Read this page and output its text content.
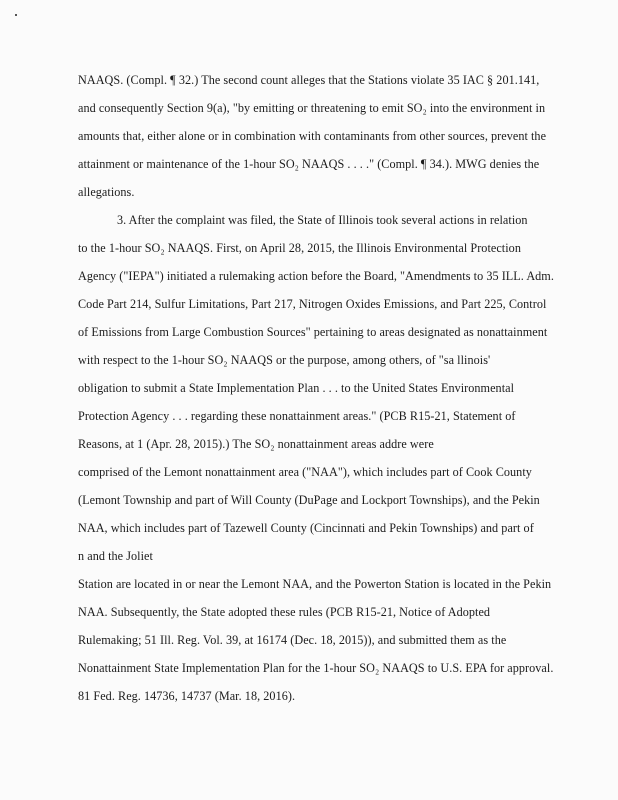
NAAQS. (Compl. ¶ 32.) The second count alleges that the Stations violate 35 IAC § 201.141,
and consequently Section 9(a), "by emitting or threatening to emit SO₂ into the environment in
amounts that, either alone or in combination with contaminants from other sources, prevent the
attainment or maintenance of the 1-hour SO₂ NAAQS . . . ." (Compl. ¶ 34.). MWG denies the
allegations.
3. After the complaint was filed, the State of Illinois took several actions in relation
to the 1-hour SO₂ NAAQS. First, on April 28, 2015, the Illinois Environmental Protection
Agency ("IEPA") initiated a rulemaking action before the Board, "Amendments to 35 ILL. Adm.
Code Part 214, Sulfur Limitations, Part 217, Nitrogen Oxides Emissions, and Part 225, Control
of Emissions from Large Combustion Sources" pertaining to areas designated as nonattainment
with respect to the 1-hour SO₂ NAAQS or the purpose, among others, of "sa llinois'
obligation to submit a State Implementation Plan . . . to the United States Environmental
Protection Agency . . . regarding these nonattainment areas." (PCB R15-21, Statement of
Reasons, at 1 (Apr. 28, 2015).) The SO₂ nonattainment areas addre were
comprised of the Lemont nonattainment area ("NAA"), which includes part of Cook County
(Lemont Township and part of Will County (DuPage and Lockport Townships), and the Pekin
NAA, which includes part of Tazewell County (Cincinnati and Pekin Townships) and part of
n and the Joliet
Station are located in or near the Lemont NAA, and the Powerton Station is located in the Pekin
NAA. Subsequently, the State adopted these rules (PCB R15-21, Notice of Adopted
Rulemaking; 51 Ill. Reg. Vol. 39, at 16174 (Dec. 18, 2015)), and submitted them as the
Nonattainment State Implementation Plan for the 1-hour SO₂ NAAQS to U.S. EPA for approval.
81 Fed. Reg. 14736, 14737 (Mar. 18, 2016).
